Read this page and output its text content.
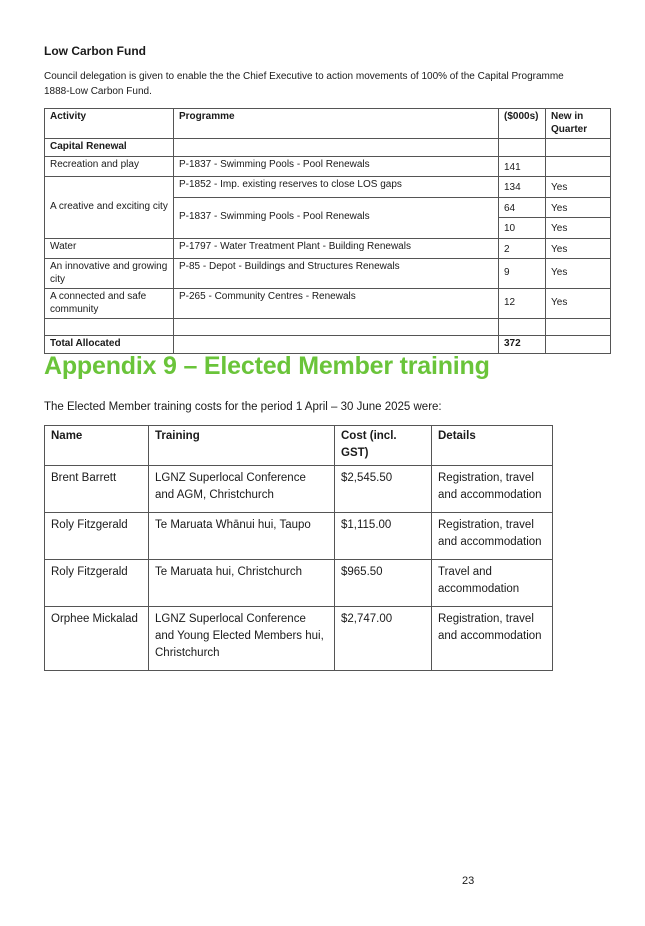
Low Carbon Fund
Council delegation is given to enable the the Chief Executive to action movements of 100% of the Capital Programme 1888-Low Carbon Fund.
Activity	Programme	($000s)	New in Quarter
Capital Renewal			
Recreation and play	P-1837 - Swimming Pools - Pool Renewals	141	
A creative and exciting city	P-1852 - Imp. existing reserves to close LOS gaps	134	Yes
	P-1837 - Swimming Pools - Pool Renewals	64	Yes
		10	Yes
Water	P-1797 - Water Treatment Plant - Building Renewals	2	Yes
An innovative and growing city	P-85 - Depot - Buildings and Structures Renewals	9	Yes
A connected and safe community	P-265 - Community Centres - Renewals	12	Yes

Total Allocated		372	
Appendix 9 – Elected Member training
The Elected Member training costs for the period 1 April – 30 June 2025 were:
Name	Training	Cost (incl. GST)	Details
Brent Barrett	LGNZ Superlocal Conference and AGM, Christchurch	$2,545.50	Registration, travel and accommodation
Roly Fitzgerald	Te Maruata Whānui hui, Taupo	$1,115.00	Registration, travel and accommodation
Roly Fitzgerald	Te Maruata hui, Christchurch	$965.50	Travel and accommodation
Orphee Mickalad	LGNZ Superlocal Conference and Young Elected Members hui, Christchurch	$2,747.00	Registration, travel and accommodation
23
